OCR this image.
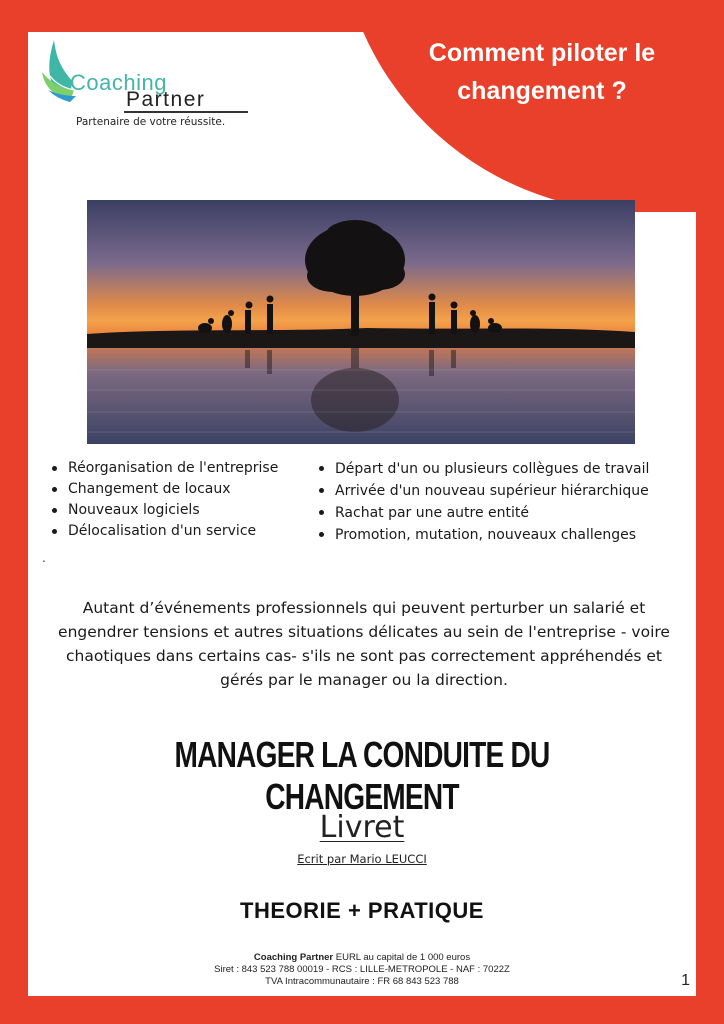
Comment piloter le changement ?
Coaching
Partner
Partenaire de votre réussite.
Réorganisation de l'entreprise
Changement de locaux
Nouveaux logiciels
Délocalisation d'un service
Départ d'un ou plusieurs collègues de travail
Arrivée d'un nouveau supérieur hiérarchique
Rachat par une autre entité
Promotion, mutation, nouveaux challenges
.

Autant d’événements professionnels qui peuvent perturber un salarié et engendrer tensions et autres situations délicates au sein de l'entreprise - voire chaotiques dans certains cas- s'ils ne sont pas correctement appréhendés et gérés par le manager ou la direction.

MANAGER LA CONDUITE DU CHANGEMENT
Livret
Ecrit par Mario LEUCCI
THEORIE + PRATIQUE
Coaching Partner EURL au capital de 1 000 euros
Siret : 843 523 788 00019 - RCS : LILLE-METROPOLE - NAF : 7022Z
TVA Intracommunautaire : FR 68 843 523 788	1
